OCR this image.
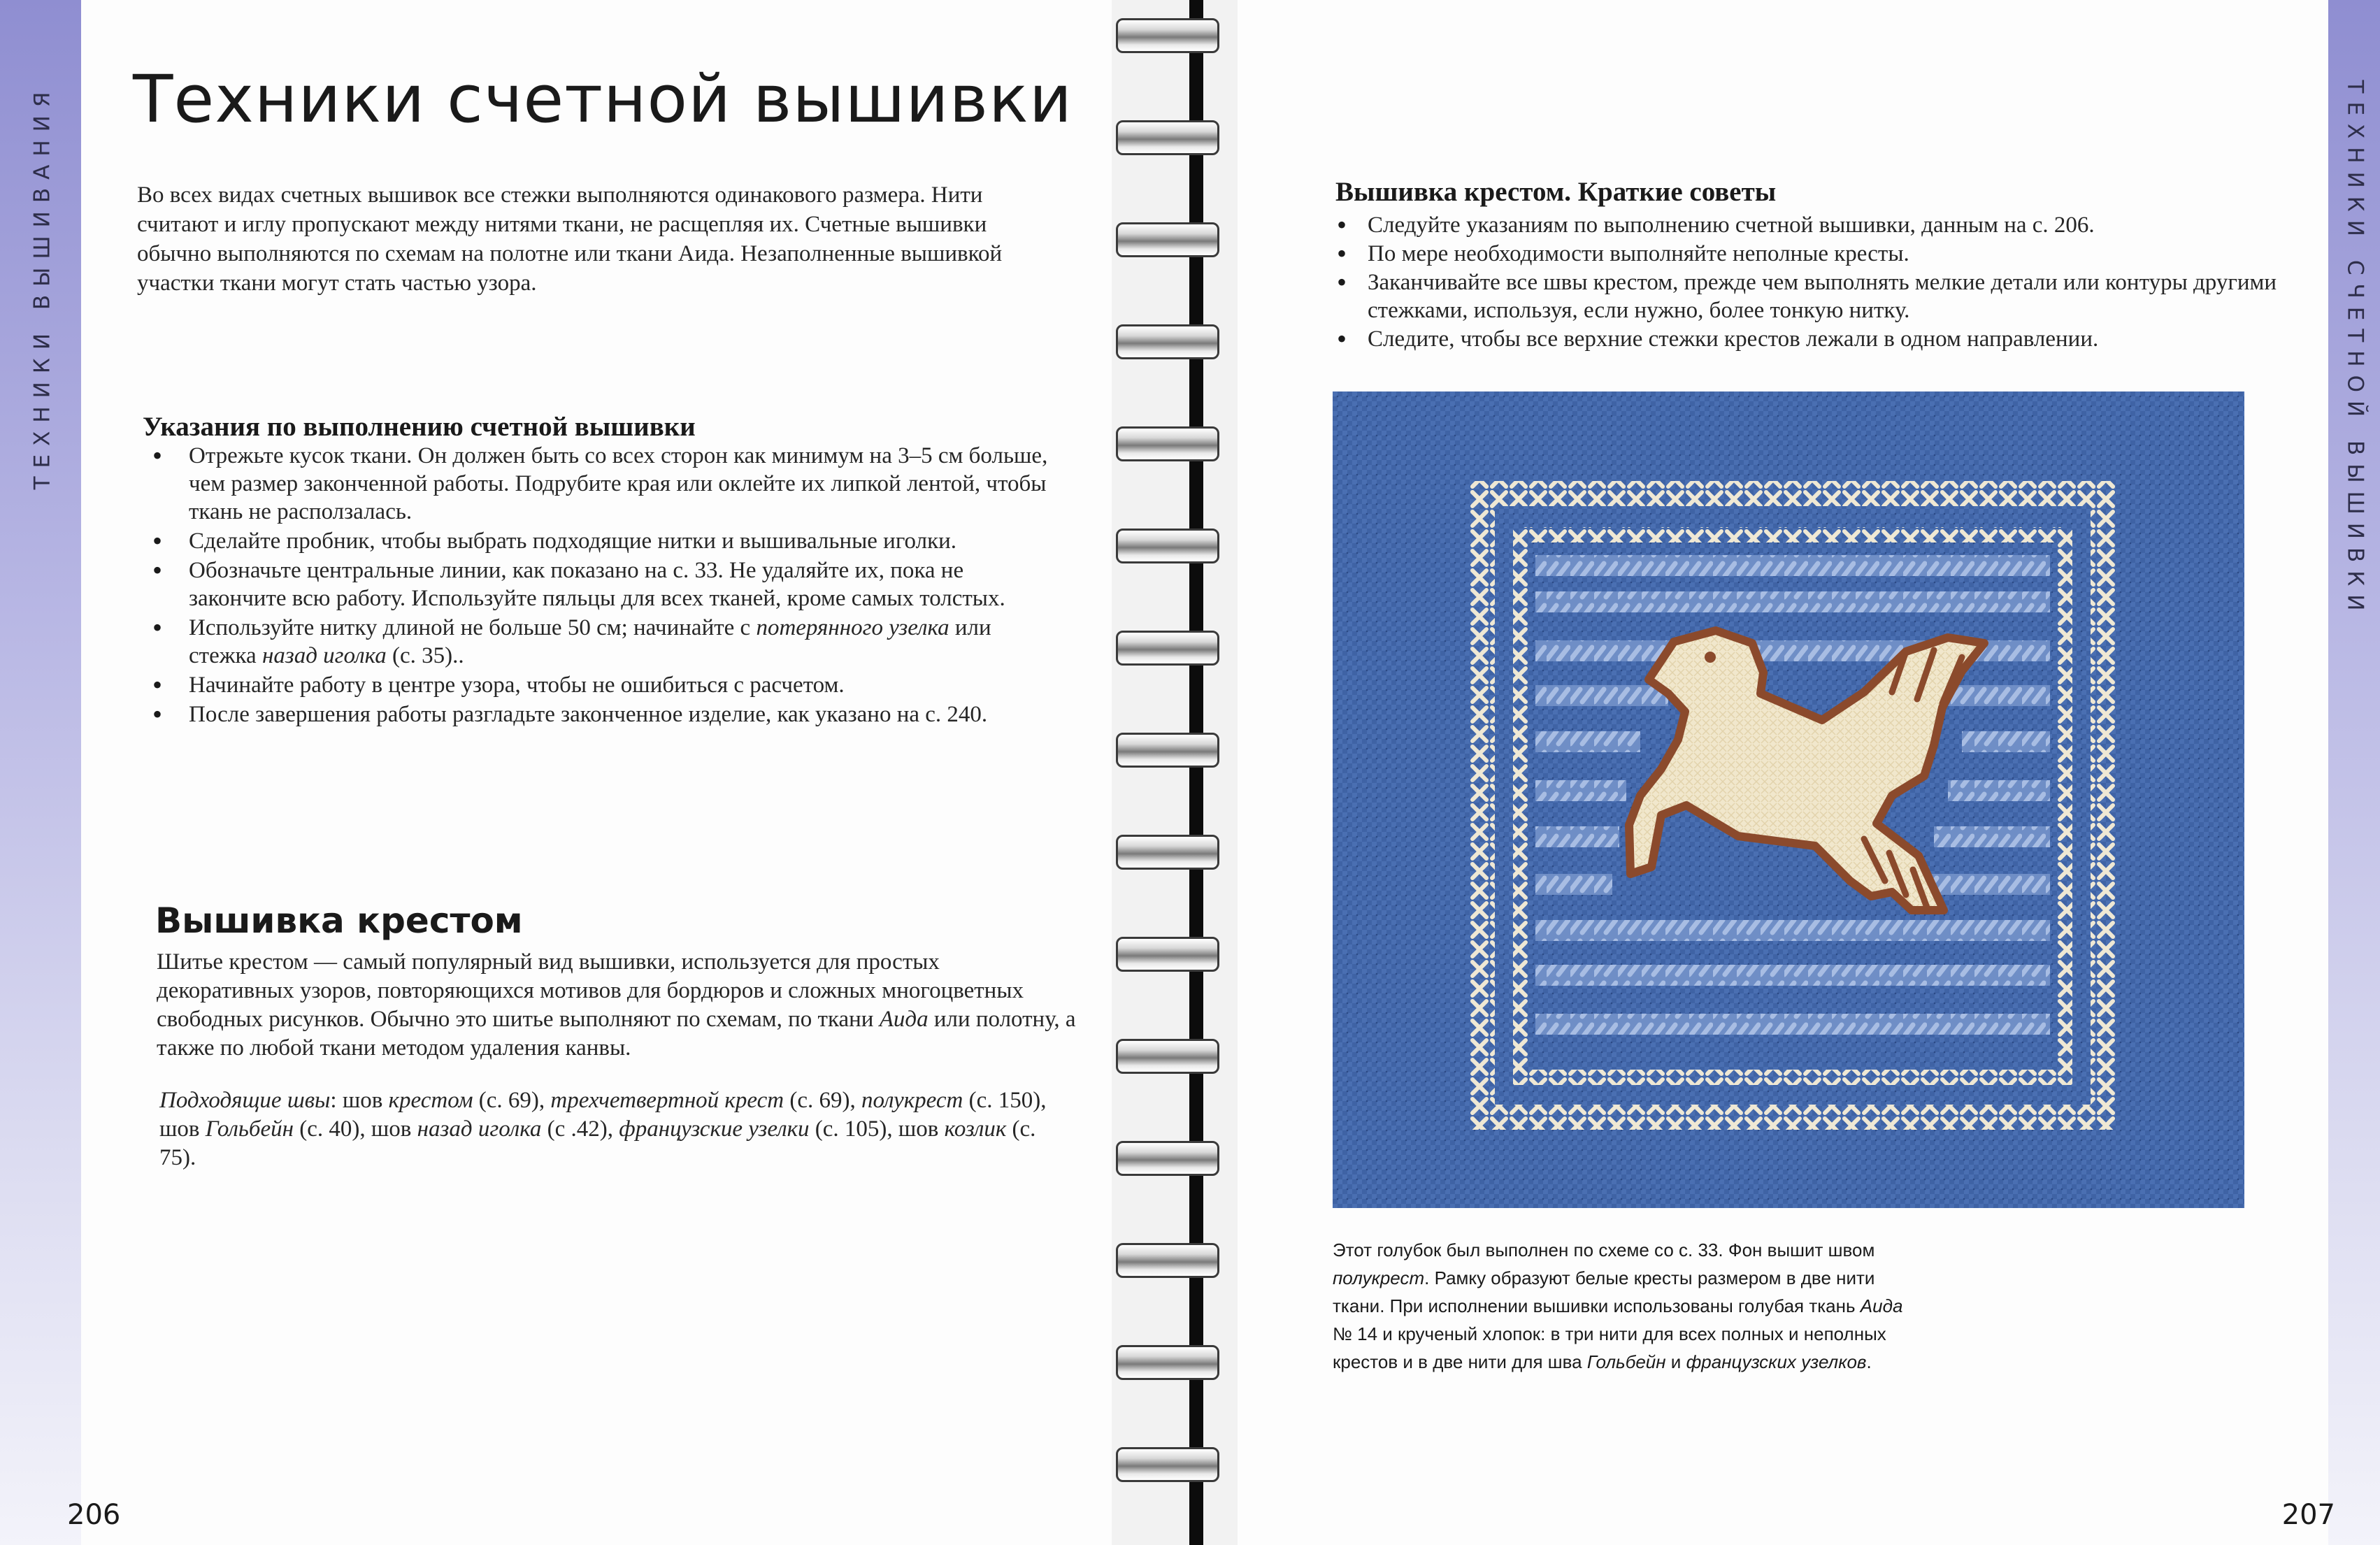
ТЕХНИКИ ВЫШИВАНИЯ Техники счетной вышивки

Во всех видах счетных вышивок все стежки выполняются одинакового размера. Нити считают и иглу пропускают между нитями ткани, не расщепляя их. Счетные вышивки обычно выполняются по схемам на полотне или ткани Аида. Незаполненные вышивкой участки ткани могут стать частью узора.

Указания по выполнению счетной вышивки
• Отрежьте кусок ткани. Он должен быть со всех сторон как минимум на 3–5 см больше, чем размер законченной работы. Подрубите края или оклейте их липкой лентой, чтобы ткань не расползалась.
• Сделайте пробник, чтобы выбрать подходящие нитки и вышивальные иголки.
• Обозначьте центральные линии, как показано на с. 33. Не удаляйте их, пока не закончите всю работу. Используйте пяльцы для всех тканей, кроме самых толстых.
• Используйте нитку длиной не больше 50 см; начинайте с потерянного узелка или стежка назад иголка (с. 35)..
• Начинайте работу в центре узора, чтобы не ошибиться с расчетом.
• После завершения работы разгладьте законченное изделие, как указано на с. 240.
Вышивка крестом

Шитье крестом — самый популярный вид вышивки, используется для простых декоративных узоров, повторяющихся мотивов для бордюров и сложных многоцветных свободных рисунков. Обычно это шитье выполняют по схемам, по ткани Аида или полотну, а также по любой ткани методом удаления канвы.

Подходящие швы: шов крестом (с. 69), трехчетвертной крест (с. 69), полукрест (с. 150), шов Гольбейн (с. 40), шов назад иголка (с .42), французские узелки (с. 105), шов козлик (с. 75).

206
ТЕХНИКИ СЧЕТНОЙ ВЫШИВКИ
Вышивка крестом. Краткие советы
• Следуйте указаниям по выполнению счетной вышивки, данным на с. 206.
• По мере необходимости выполняйте неполные кресты.
• Заканчивайте все швы крестом, прежде чем выполнять мелкие детали или контуры другими стежками, используя, если нужно, более тонкую нитку.
• Следите, чтобы все верхние стежки крестов лежали в одном направлении.

Этот голубок был выполнен по схеме со с. 33. Фон вышит швом полукрест. Рамку образуют белые кресты размером в две нити ткани. При исполнении вышивки использованы голубая ткань Аида № 14 и крученый хлопок: в три нити для всех полных и неполных крестов и в две нити для шва Гольбейн и французских узелков.

207
